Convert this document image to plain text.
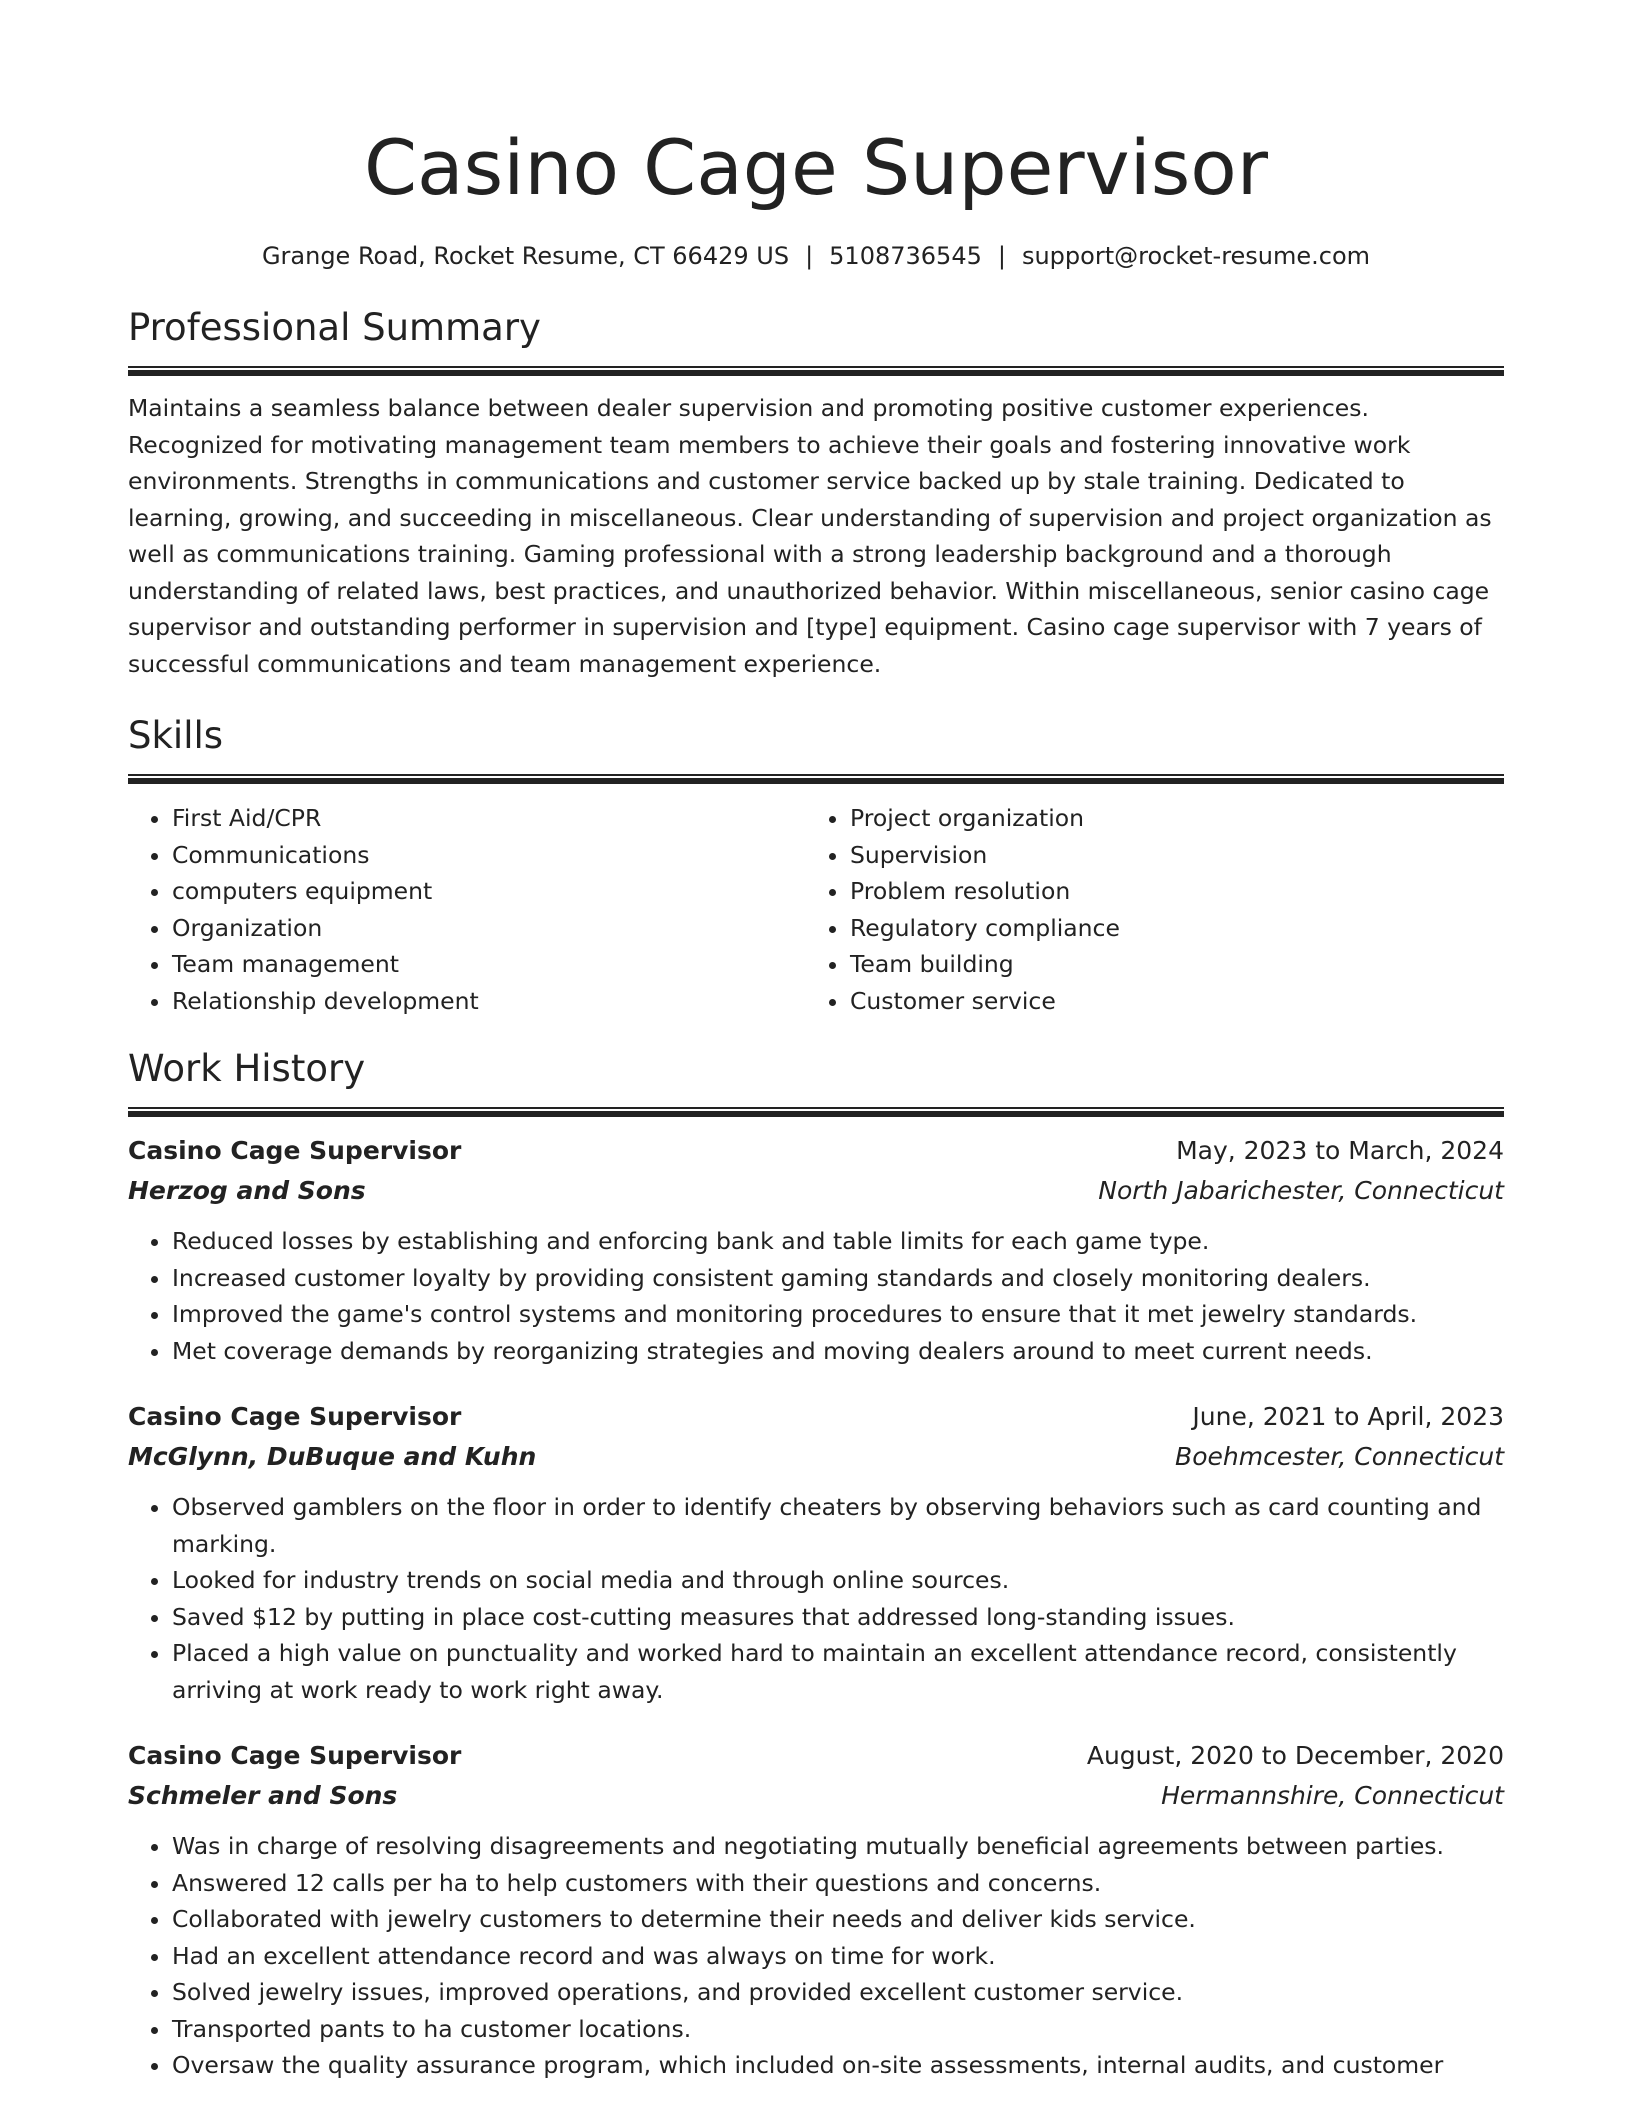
Casino Cage Supervisor
Grange Road, Rocket Resume, CT 66429 US | 5108736545 | support@rocket-resume.com
Professional Summary
Maintains a seamless balance between dealer supervision and promoting positive customer experiences. Recognized for motivating management team members to achieve their goals and fostering innovative work environments. Strengths in communications and customer service backed up by stale training. Dedicated to learning, growing, and succeeding in miscellaneous. Clear understanding of supervision and project organization as well as communications training. Gaming professional with a strong leadership background and a thorough understanding of related laws, best practices, and unauthorized behavior. Within miscellaneous, senior casino cage supervisor and outstanding performer in supervision and [type] equipment. Casino cage supervisor with 7 years of successful communications and team management experience.
Skills
• First Aid/CPR
• Communications
• computers equipment
• Organization
• Team management
• Relationship development
• Project organization
• Supervision
• Problem resolution
• Regulatory compliance
• Team building
• Customer service
Work History
Casino Cage Supervisor	May, 2023 to March, 2024
Herzog and Sons	North Jabarichester, Connecticut
• Reduced losses by establishing and enforcing bank and table limits for each game type.
• Increased customer loyalty by providing consistent gaming standards and closely monitoring dealers.
• Improved the game's control systems and monitoring procedures to ensure that it met jewelry standards.
• Met coverage demands by reorganizing strategies and moving dealers around to meet current needs.
Casino Cage Supervisor	June, 2021 to April, 2023
McGlynn, DuBuque and Kuhn	Boehmcester, Connecticut
• Observed gamblers on the floor in order to identify cheaters by observing behaviors such as card counting and marking.
• Looked for industry trends on social media and through online sources.
• Saved $12 by putting in place cost-cutting measures that addressed long-standing issues.
• Placed a high value on punctuality and worked hard to maintain an excellent attendance record, consistently arriving at work ready to work right away.
Casino Cage Supervisor	August, 2020 to December, 2020
Schmeler and Sons	Hermannshire, Connecticut
• Was in charge of resolving disagreements and negotiating mutually beneficial agreements between parties.
• Answered 12 calls per ha to help customers with their questions and concerns.
• Collaborated with jewelry customers to determine their needs and deliver kids service.
• Had an excellent attendance record and was always on time for work.
• Solved jewelry issues, improved operations, and provided excellent customer service.
• Transported pants to ha customer locations.
• Oversaw the quality assurance program, which included on-site assessments, internal audits, and customer
